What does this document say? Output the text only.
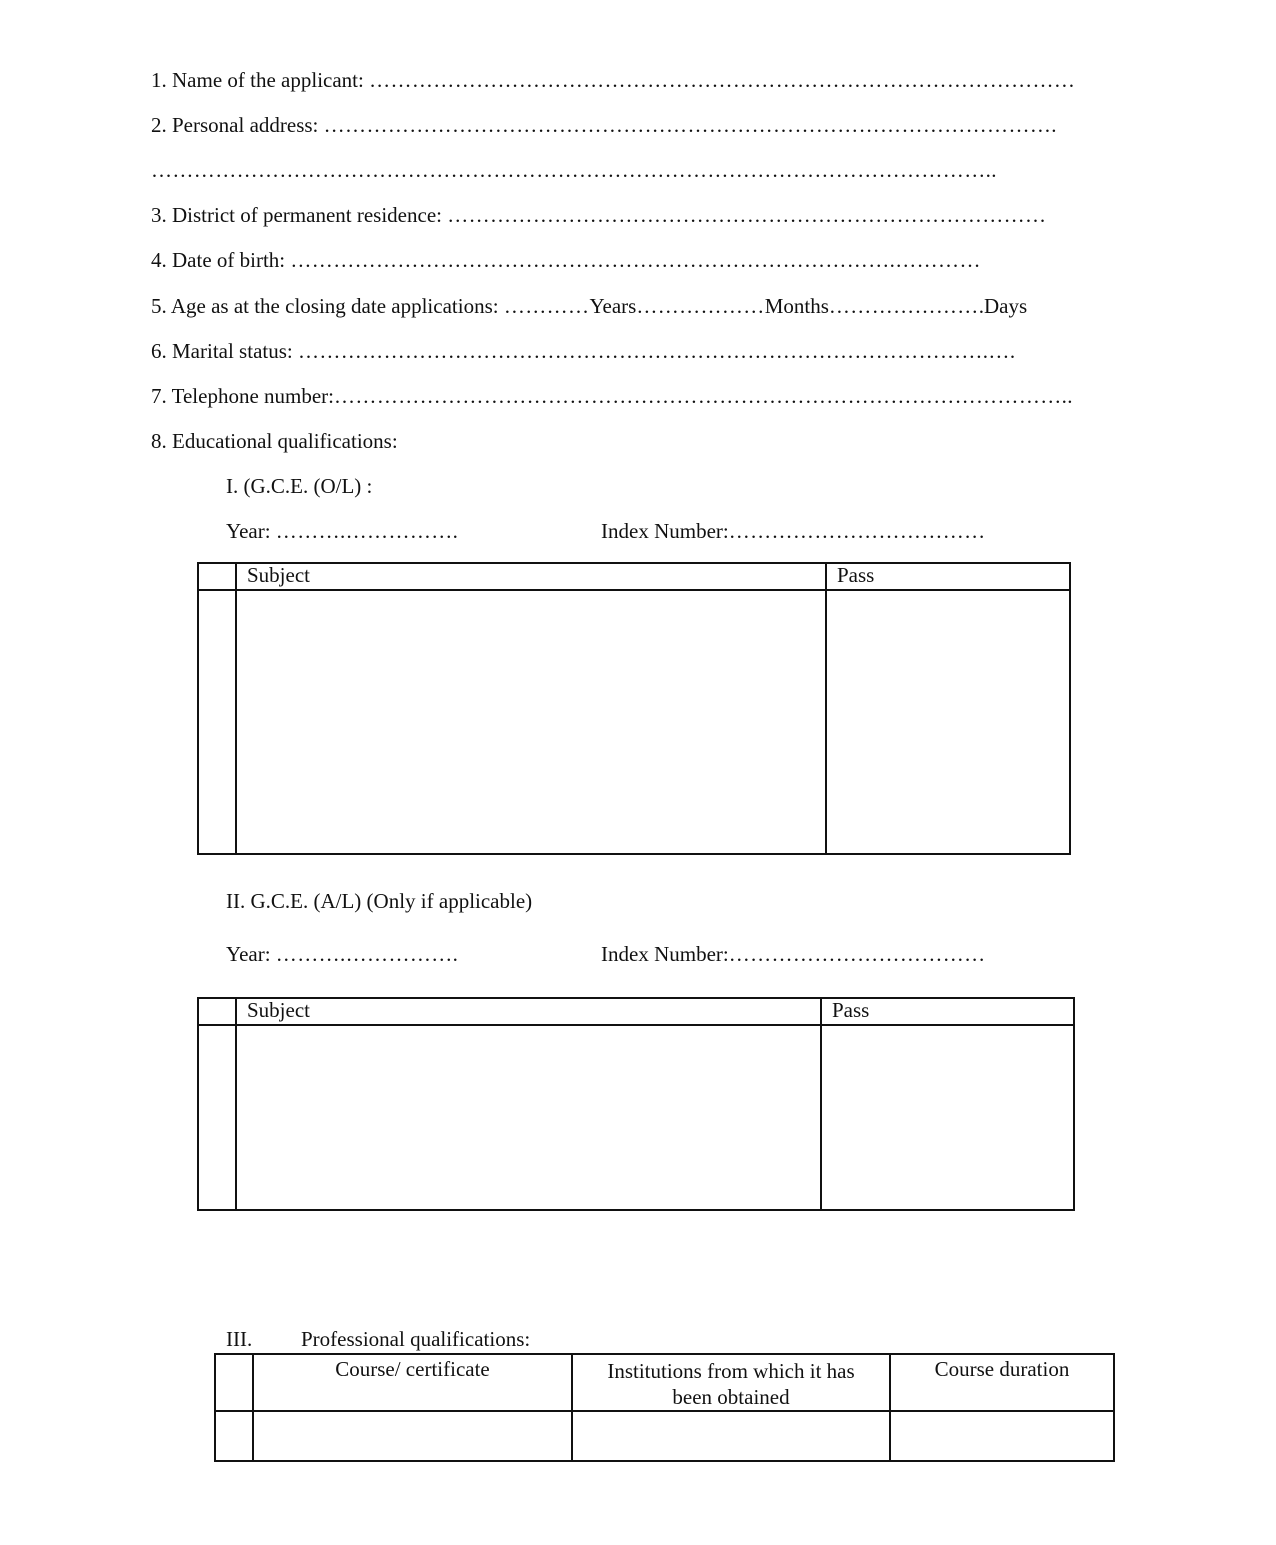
1. Name of the applicant: ………………………………………………………………………………………
2. Personal address: ………………………………………………………………………………………….
………………………………………………………………………………………………………..
3. District of permanent residence: …………………………………………………………………………
4. Date of birth: ………………………………………………………………………….…………
5. Age as at the closing date applications: …………Years………………Months………………….Days
6. Marital status: …………………………………………………………………………………….….
7. Telephone number:…………………………………………………………………………………………..
8. Educational qualifications:
I. (G.C.E. (O/L) :
Year: ……….…………….	Index Number:………………………………
	Subject	Pass

II. G.C.E. (A/L) (Only if applicable)
Year: ……….…………….	Index Number:………………………………
	Subject	Pass

III. Professional qualifications:
	Course/ certificate	Institutions from which it has
been obtained	Course duration
